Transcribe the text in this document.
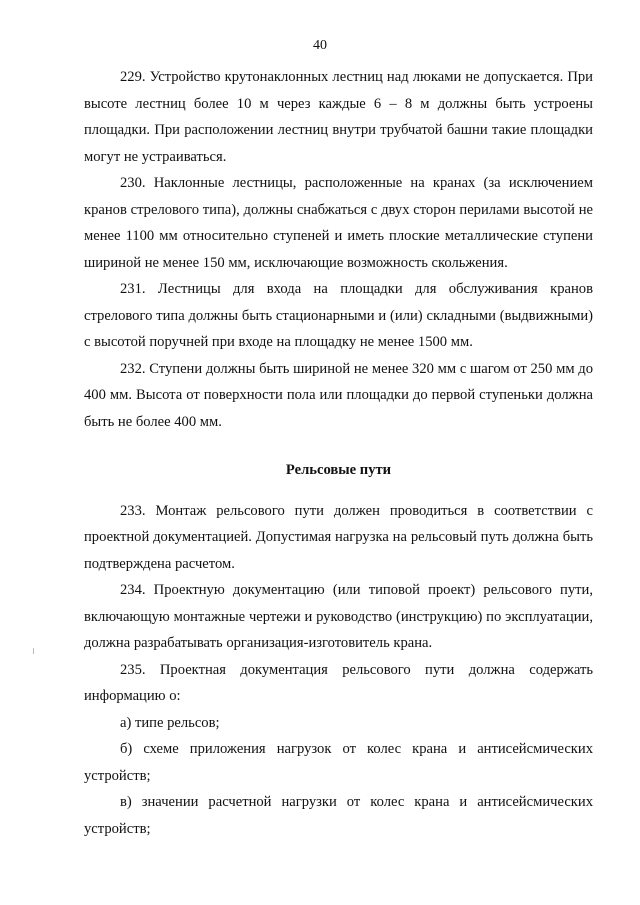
40

229. Устройство крутонаклонных лестниц над люками не допускается. При высоте лестниц более 10 м через каждые 6 – 8 м должны быть устроены площадки. При расположении лестниц внутри трубчатой башни такие площадки могут не устраиваться.

230. Наклонные лестницы, расположенные на кранах (за исключением кранов стрелового типа), должны снабжаться с двух сторон перилами высотой не менее 1100 мм относительно ступеней и иметь плоские металлические ступени шириной не менее 150 мм, исключающие возможность скольжения.

231. Лестницы для входа на площадки для обслуживания кранов стрелового типа должны быть стационарными и (или) складными (выдвижными) с высотой поручней при входе на площадку не менее 1500 мм.

232. Ступени должны быть шириной не менее 320 мм с шагом от 250 мм до 400 мм. Высота от поверхности пола или площадки до первой ступеньки должна быть не более 400 мм.

Рельсовые пути

233. Монтаж рельсового пути должен проводиться в соответствии с проектной документацией. Допустимая нагрузка на рельсовый путь должна быть подтверждена расчетом.

234. Проектную документацию (или типовой проект) рельсового пути, включающую монтажные чертежи и руководство (инструкцию) по эксплуатации, должна разрабатывать организация-изготовитель крана.

235. Проектная документация рельсового пути должна содержать информацию о:

а) типе рельсов;

б) схеме приложения нагрузок от колес крана и антисейсмических устройств;

в) значении расчетной нагрузки от колес крана и антисейсмических устройств;
